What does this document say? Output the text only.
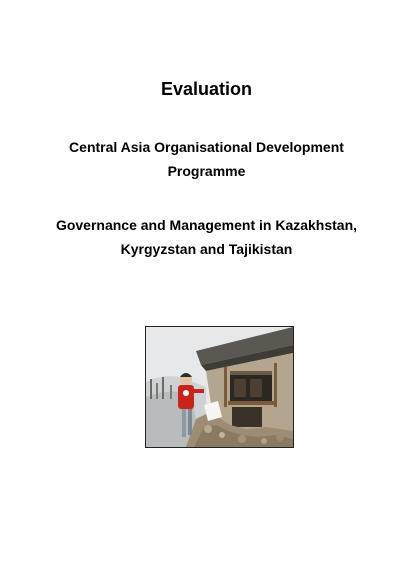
Evaluation
Central Asia Organisational Development
Programme
Governance and Management in Kazakhstan,
Kyrgyzstan and Tajikistan
